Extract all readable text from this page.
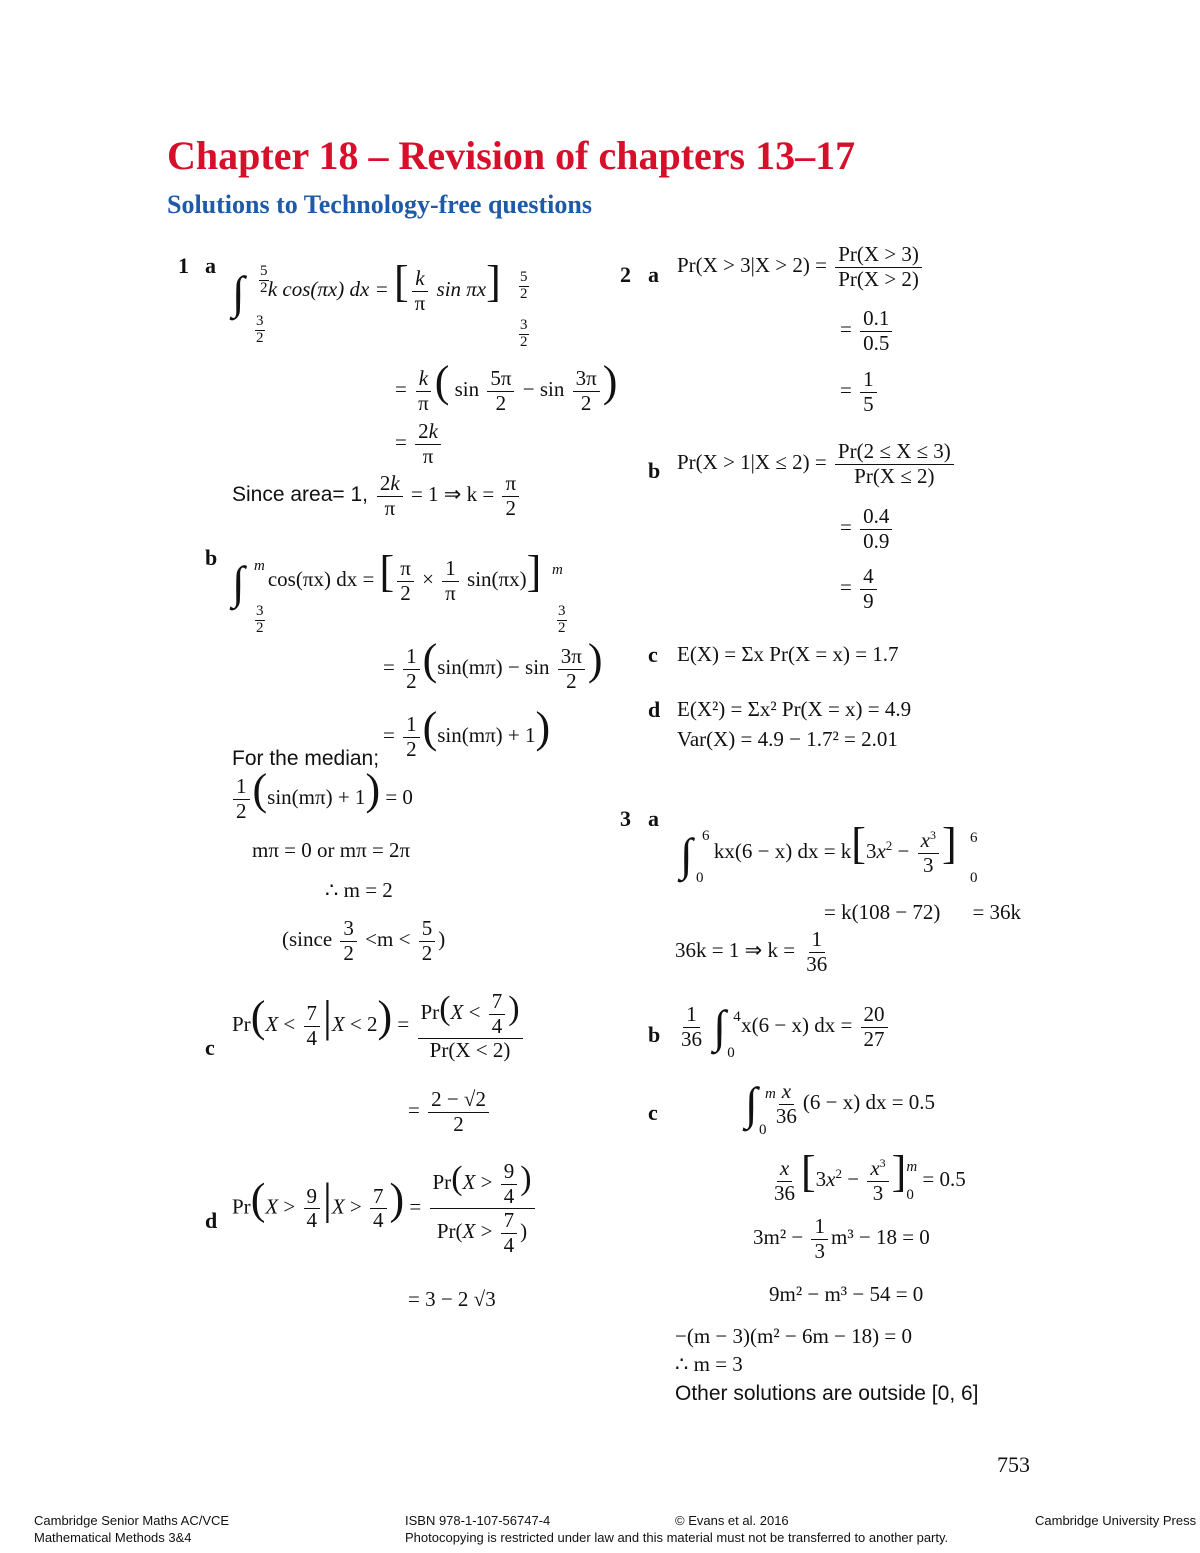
Chapter 18 – Revision of chapters 13–17
Solutions to Technology-free questions
1 a
∫ $\frac{5}{2}$
$\frac{3}{2}$
k cos(πx) dx = [ $\frac{k}{\pi}$ $\sin \pi x] \frac{5}{2}$
$\frac{3}{2}$
= $\frac{k}{\pi}$ ( $\sin \frac{5\pi}{2} - \sin \frac{3\pi}{2}$ )
= $\frac{2k}{\pi}$
Since area= 1, $\frac{2k}{\pi} = 1$ ⇒ $k = \frac{\pi}{2}$
b ∫ m
$\frac{3}{2}$
cos(πx) dx = [ $\frac{\pi}{2} \times \frac{1}{\pi} \sin(\pi x)$] m
$\frac{3}{2}$
= $\frac{1}{2} (\sin(m\pi) - \sin \frac{3\pi}{2}$ )
= $\frac{1}{2} (\sin(m\pi) + 1)$
For the median;
$\frac{1}{2} (\sin(m\pi) + 1) = 0$
mπ = 0 or mπ = 2π
∴ m = 2
(since $\frac{3}{2} <m < \frac{5}{2}$ )
c
$Pr(X < \frac{7}{4} |X < 2) = \frac{Pr(X < \frac{7}{4} )}{Pr(X < 2)}$
= $\frac{2 - √2}{2}$
d
$Pr(X > \frac{9}{4} |X > \frac{7}{4}$ ) = $\frac{Pr(X > \frac{9}{4} )}{Pr(X > \frac{7}{4} )}$
= 3 − 2 √3
2 a $Pr(X > 3|X > 2) = \frac{Pr(X > 3)}{Pr(X > 2)}$
= $\frac{0.1}{0.5}$
= $\frac{1}{5}$
b $Pr(X > 1|X \le 2) = \frac{Pr(2 \le X \le 3)}{Pr(X \le 2)}$
= $\frac{0.4}{0.9}$
= $\frac{4}{9}$
c E(X) = Σx Pr(X = x) = 1.7
d E(X²) = Σx² Pr(X = x) = 4.9
Var(X) = 4.9 − 1.7² = 2.01
3 a
∫ 6
0
kx(6 − x) dx = $k[3x^2 - \frac{x^3}{3}$ ] 6
0
= k(108 − 72) = 36k
36k = 1 ⇒ $k = \frac{1}{36}$
b $\frac{1}{36}$ ∫ 4
0
x(6 − x) dx = $\frac{20}{27}$
c ∫ m
0

$\frac{x}{36} (6 - x)$ dx = 0.5
$\frac{x}{36} [3x^2 - \frac{x^3}{3}$ ] m
0
= 0.5
$3m^2 - \frac{1}{3} m^3 - 18 = 0$
9m² − m³ − 54 = 0
−(m − 3)(m² − 6m − 18) = 0
∴ m = 3
Other solutions are outside [0, 6]
753
Cambridge Senior Maths AC/VCE
Mathematical Methods 3&4
ISBN 978-1-107-56747-4	© Evans et al. 2016
Photocopying is restricted under law and this material must not be transferred to another party.
Cambridge University Press
